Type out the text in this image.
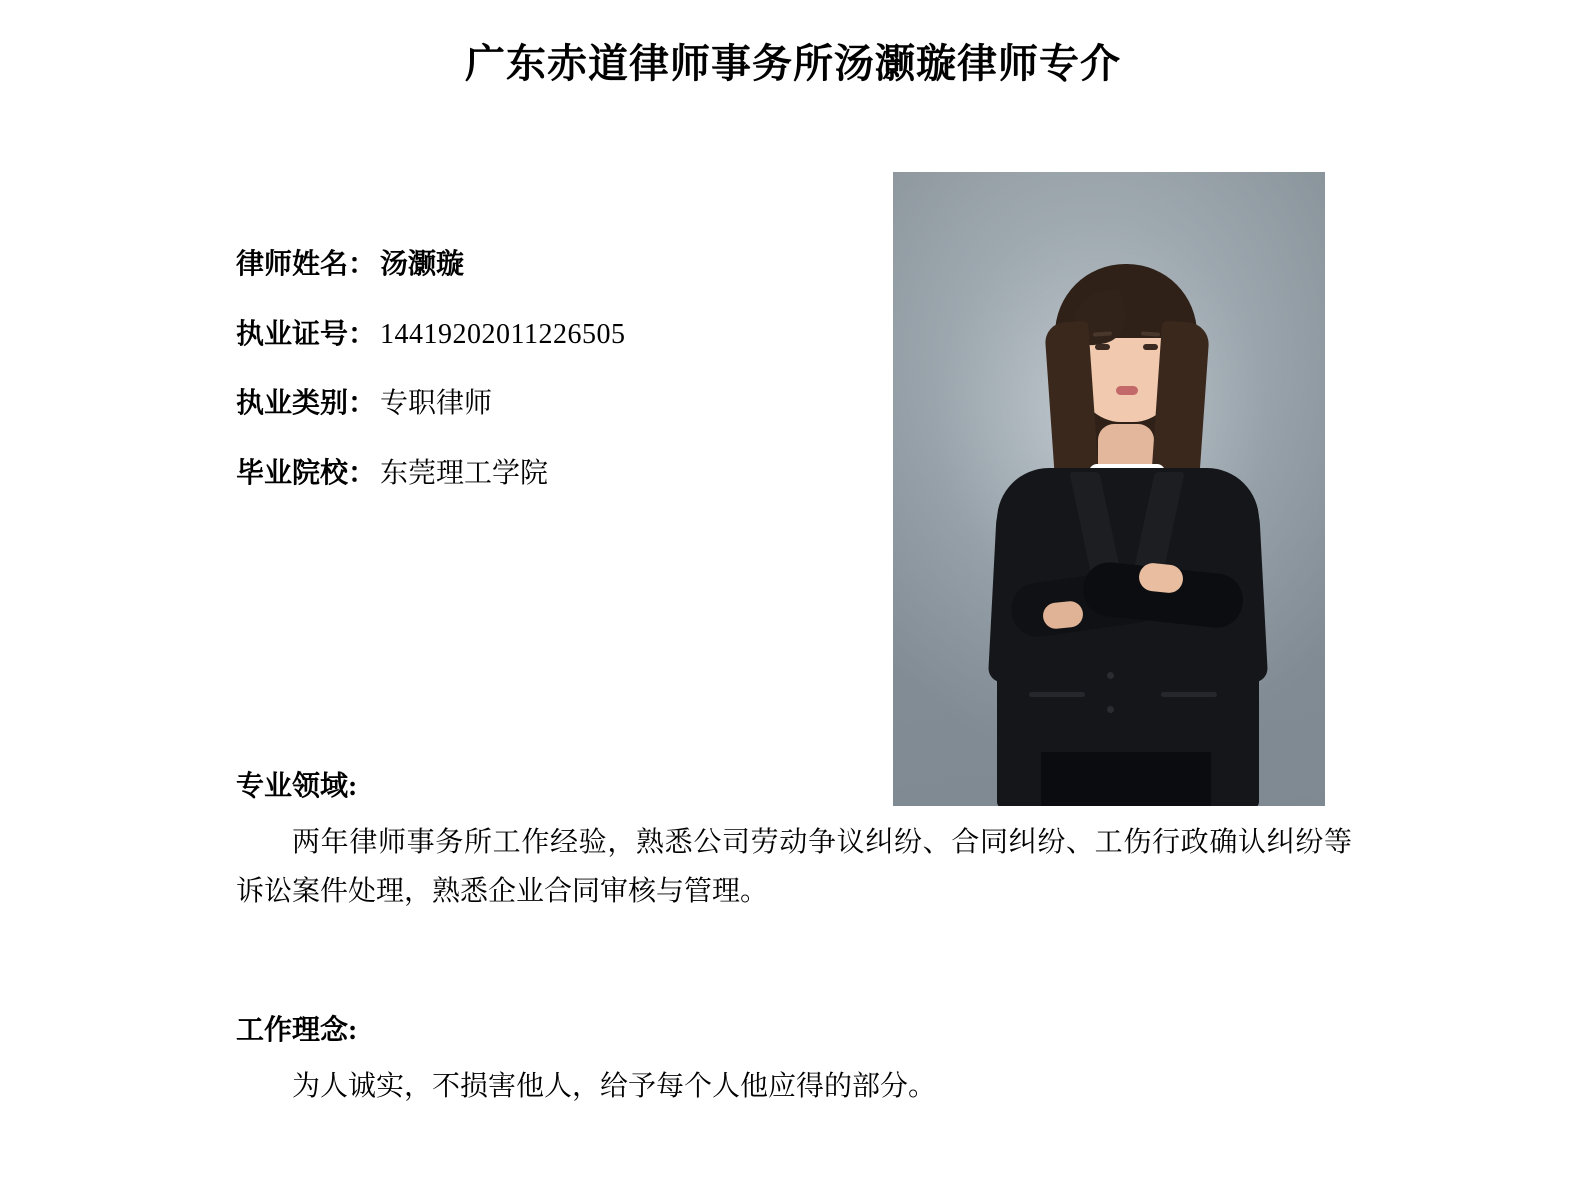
广东赤道律师事务所汤灏璇律师专介
律师姓名： 汤灏璇
执业证号： 14419202011226505
执业类别： 专职律师
毕业院校： 东莞理工学院
专业领域:
两年律师事务所工作经验，熟悉公司劳动争议纠纷、合同纠纷、工伤行政确认纠纷等诉讼案件处理，熟悉企业合同审核与管理。
工作理念:
为人诚实，不损害他人，给予每个人他应得的部分。
